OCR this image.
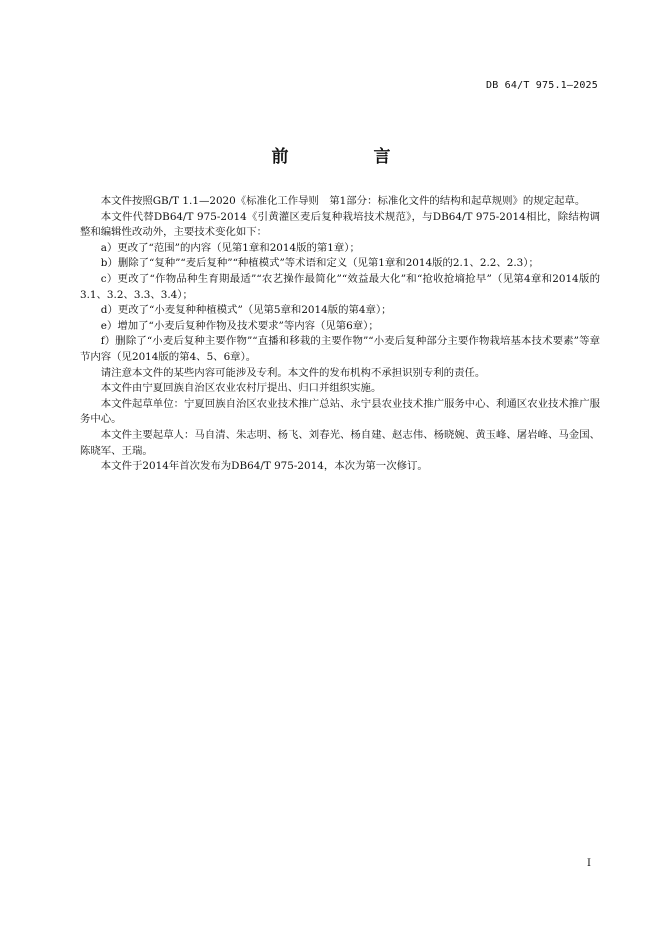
DB 64/T 975.1—2025
前　言

本文件按照GB/T 1.1—2020《标准化工作导则　第1部分：标准化文件的结构和起草规则》的规定起草。

本文件代替DB64/T 975-2014《引黄灌区麦后复种栽培技术规范》，与DB64/T 975-2014相比，除结构调整和编辑性改动外，主要技术变化如下：

a）更改了“范围”的内容（见第1章和2014版的第1章）；

b）删除了“复种”“麦后复种”“种植模式”等术语和定义（见第1章和2014版的2.1、2.2、2.3）；

c）更改了“作物品种生育期最适”“农艺操作最简化”“效益最大化”和“抢收抢墒抢早”（见第4章和2014版的3.1、3.2、3.3、3.4）；

d）更改了“小麦复种种植模式”（见第5章和2014版的第4章）；

e）增加了“小麦后复种作物及技术要求”等内容（见第6章）；

f）删除了“小麦后复种主要作物”“直播和移栽的主要作物”“小麦后复种部分主要作物栽培基本技术要素”等章节内容（见2014版的第4、5、6章）。

请注意本文件的某些内容可能涉及专利。本文件的发布机构不承担识别专利的责任。

本文件由宁夏回族自治区农业农村厅提出、归口并组织实施。

本文件起草单位：宁夏回族自治区农业技术推广总站、永宁县农业技术推广服务中心、利通区农业技术推广服务中心。

本文件主要起草人：马自清、朱志明、杨飞、刘春光、杨自建、赵志伟、杨晓婉、黄玉峰、屠岩峰、马金国、陈晓军、王瑞。

本文件于2014年首次发布为DB64/T 975-2014，本次为第一次修订。

I
